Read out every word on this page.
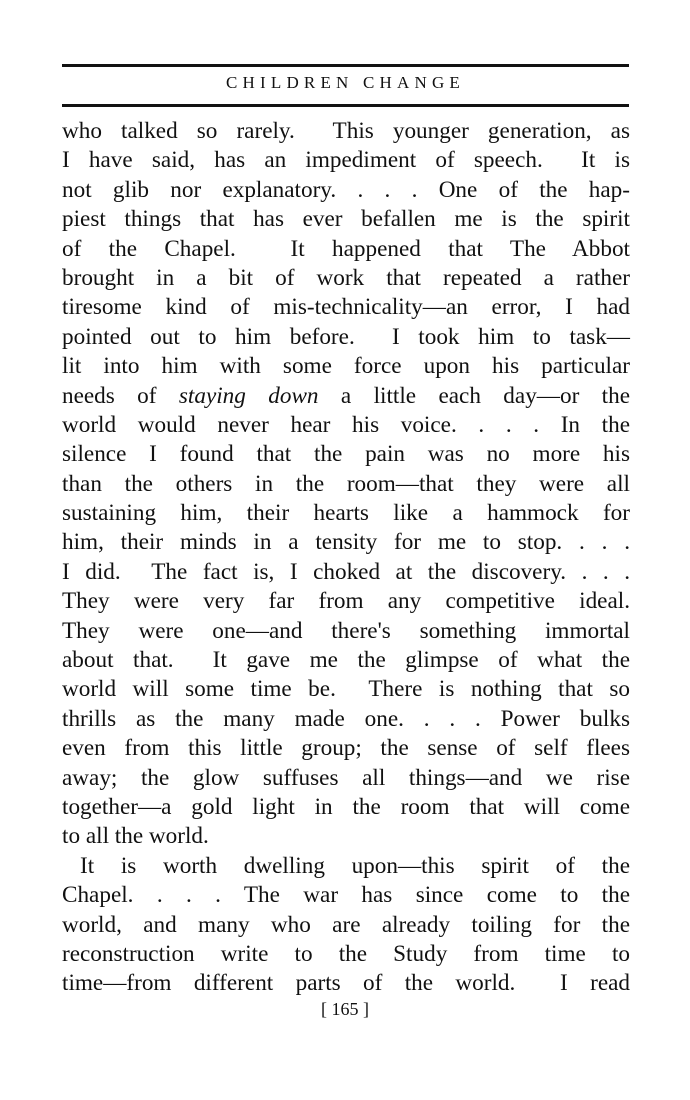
CHILDREN CHANGE
who talked so rarely.  This younger generation, as
I have said, has an impediment of speech.  It is
not glib nor explanatory. . . . One of the hap-
piest things that has ever befallen me is the spirit
of the Chapel.  It happened that The Abbot
brought in a bit of work that repeated a rather
tiresome kind of mis-technicality—an error, I had
pointed out to him before.  I took him to task—
lit into him with some force upon his particular
needs of staying down a little each day—or the
world would never hear his voice. . . . In the
silence I found that the pain was no more his
than the others in the room—that they were all
sustaining him, their hearts like a hammock for
him, their minds in a tensity for me to stop. . . .
I did.  The fact is, I choked at the discovery. . . .
They were very far from any competitive ideal.
They were one—and there's something immortal
about that.  It gave me the glimpse of what the
world will some time be.  There is nothing that so
thrills as the many made one. . . . Power bulks
even from this little group; the sense of self flees
away; the glow suffuses all things—and we rise
together—a gold light in the room that will come
to all the world.
It is worth dwelling upon—this spirit of the
Chapel. . . . The war has since come to the
world, and many who are already toiling for the
reconstruction write to the Study from time to
time—from different parts of the world.  I read
[ 165 ]
